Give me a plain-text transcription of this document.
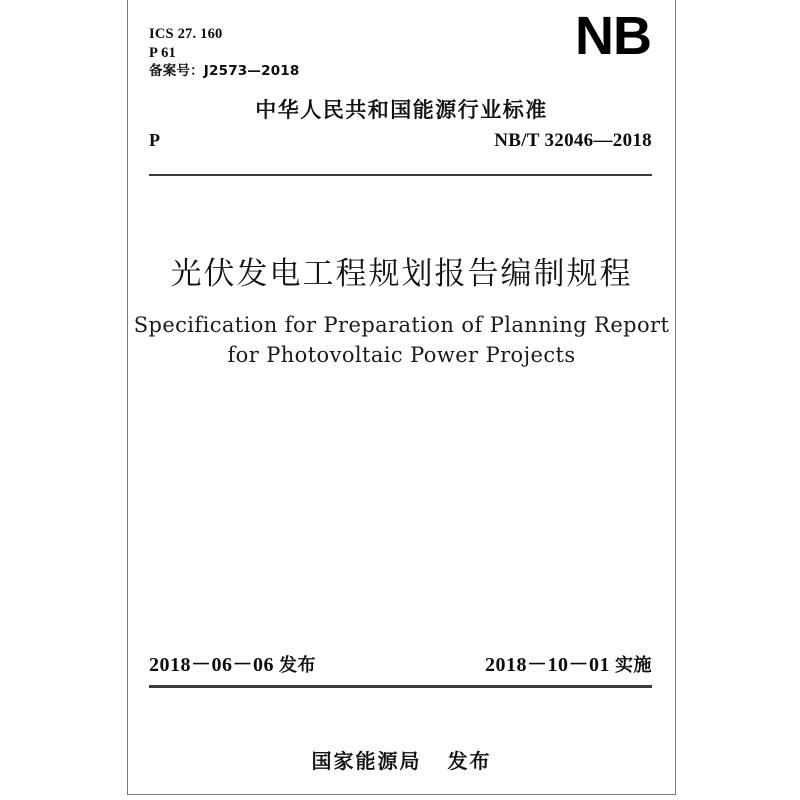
ICS 27. 160
P 61
备案号：J2573—2018
NB
中华人民共和国能源行业标准
P	NB/T 32046—2018
光伏发电工程规划报告编制规程
Specification for Preparation of Planning Report
for Photovoltaic Power Projects
2018－06－06 发布	2018－10－01 实施
国家能源局 发布
